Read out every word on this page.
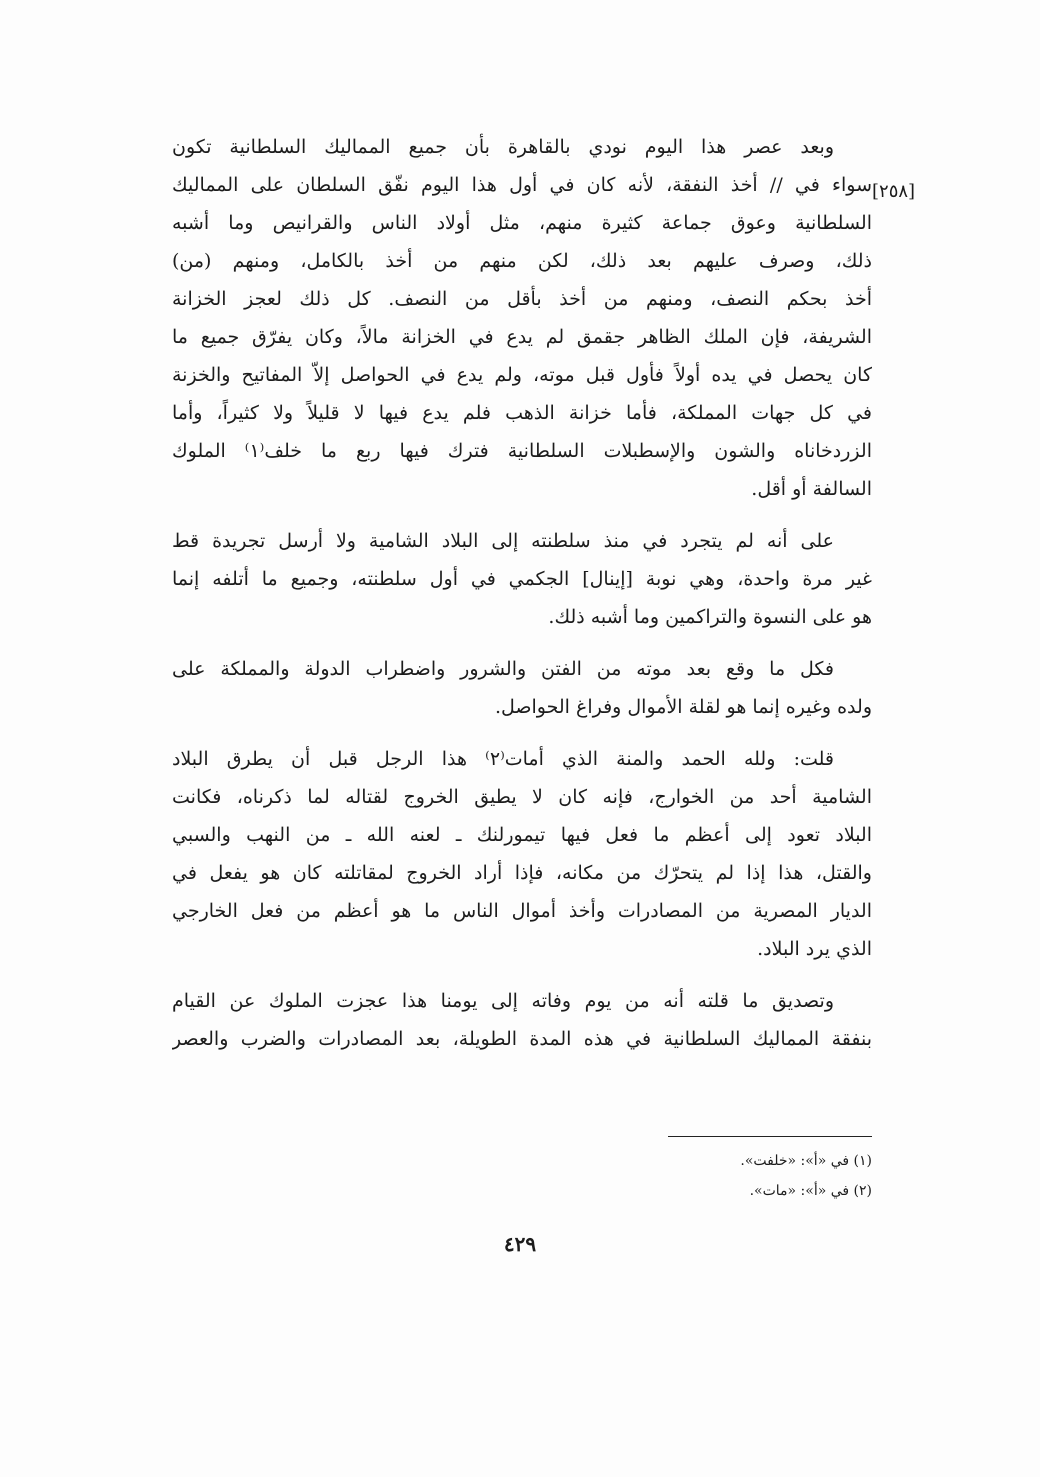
وبعد عصر هذا اليوم نودي بالقاهرة بأن جميع المماليك السلطانية تكون
سواء في // أخذ النفقة، لأنه كان في أول هذا اليوم نفّق السلطان على المماليك
السلطانية وعوق جماعة كثيرة منهم، مثل أولاد الناس والقرانيص وما أشبه
ذلك، وصرف عليهم بعد ذلك، لكن منهم من أخذ بالكامل، ومنهم (من)
أخذ بحكم النصف، ومنهم من أخذ بأقل من النصف. كل ذلك لعجز الخزانة
الشريفة، فإن الملك الظاهر جقمق لم يدع في الخزانة مالاً، وكان يفرّق جميع ما
كان يحصل في يده أولاً فأول قبل موته، ولم يدع في الحواصل إلاّ المفاتيح والخزنة
في كل جهات المملكة، فأما خزانة الذهب فلم يدع فيها لا قليلاً ولا كثيراً، وأما
الزردخاناه والشون والإسطبلات السلطانية فترك فيها ربع ما خلف⁽١⁾ الملوك
السالفة أو أقل.
على أنه لم يتجرد في منذ سلطنته إلى البلاد الشامية ولا أرسل تجريدة قط
غير مرة واحدة، وهي نوبة [إينال] الجكمي في أول سلطنته، وجميع ما أتلفه إنما
هو على النسوة والتراكمين وما أشبه ذلك.
فكل ما وقع بعد موته من الفتن والشرور واضطراب الدولة والمملكة على
ولده وغيره إنما هو لقلة الأموال وفراغ الحواصل.
قلت: ولله الحمد والمنة الذي أمات⁽٢⁾ هذا الرجل قبل أن يطرق البلاد
الشامية أحد من الخوارج، فإنه كان لا يطيق الخروج لقتاله لما ذكرناه، فكانت
البلاد تعود إلى أعظم ما فعل فيها تيمورلنك ـ لعنه الله ـ من النهب والسبي
والقتل، هذا إذا لم يتحرّك من مكانه، فإذا أراد الخروج لمقاتلته كان هو يفعل في
الديار المصرية من المصادرات وأخذ أموال الناس ما هو أعظم من فعل الخارجي
الذي يرد البلاد.
وتصديق ما قلته أنه من يوم وفاته إلى يومنا هذا عجزت الملوك عن القيام
بنفقة المماليك السلطانية في هذه المدة الطويلة، بعد المصادرات والضرب والعصر
[٢٥٨]
(١) في «أ»: «خلفت».
(٢) في «أ»: «مات».
٤٢٩
